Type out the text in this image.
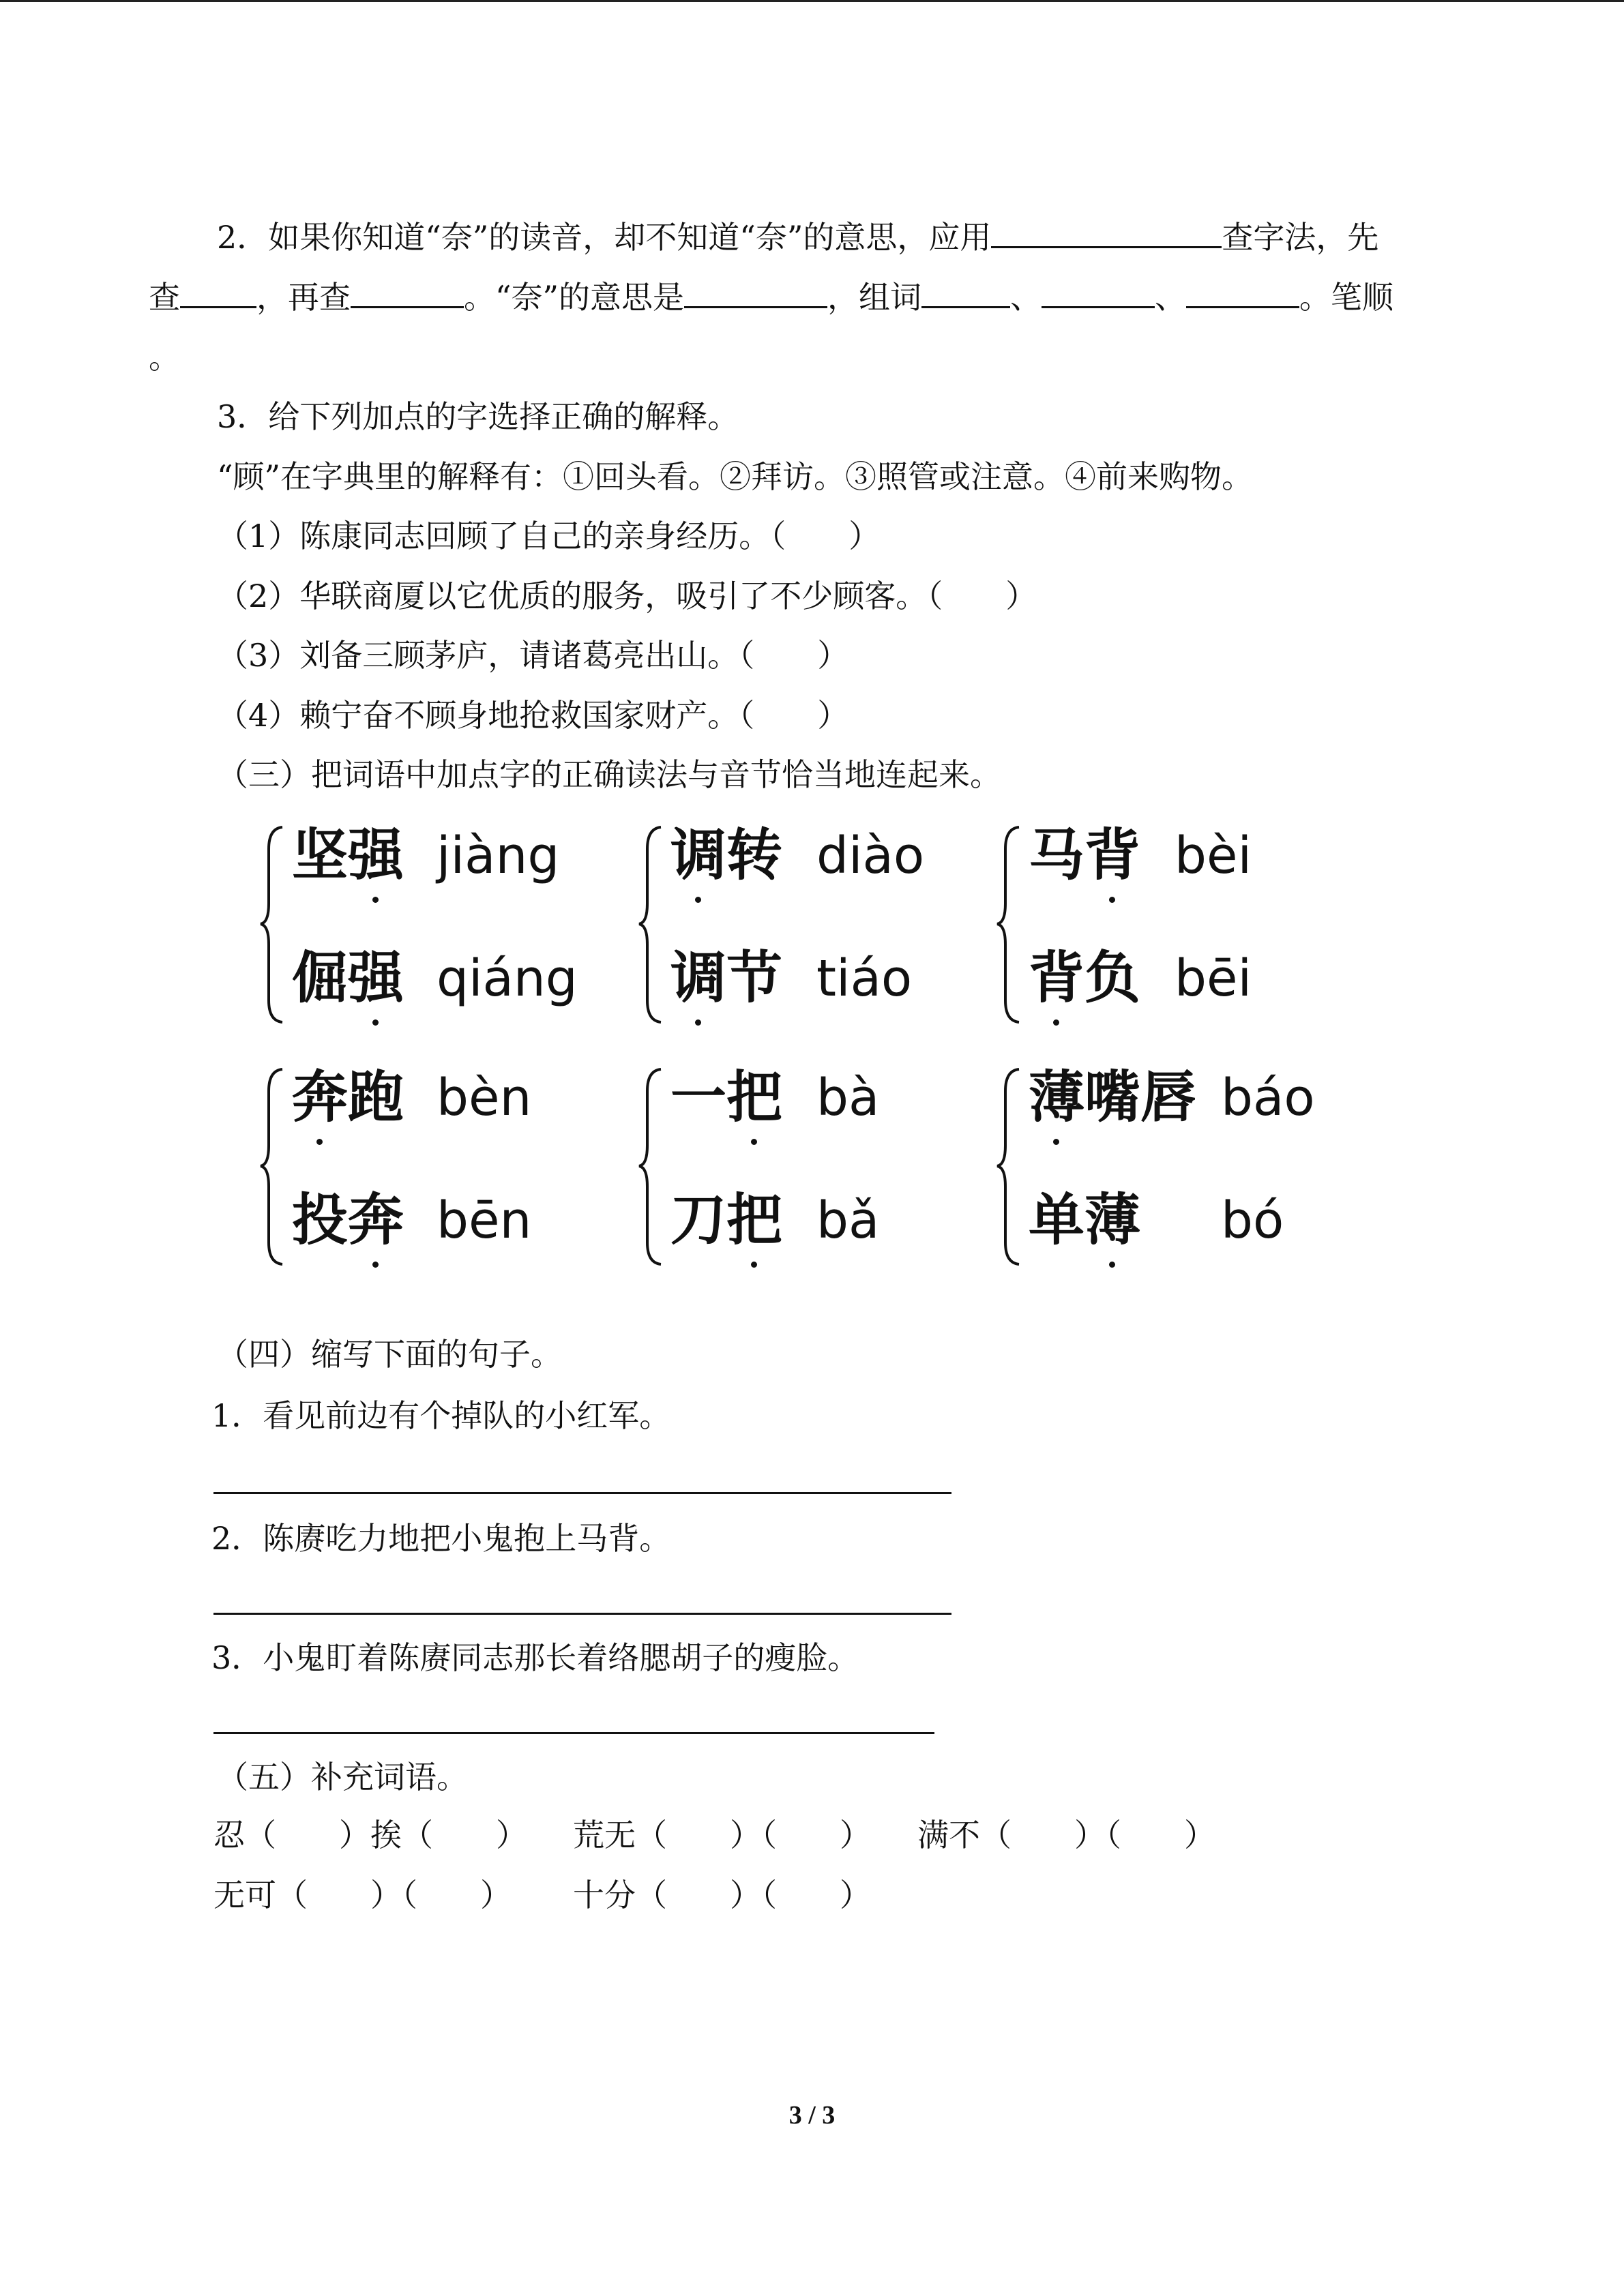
2．如果你知道“奈”的读音，却不知道“奈”的意思，应用	查字法，先
查 ，再查	。“奈”的意思是	，组词	、	、	。笔顺
。
3．给下列加点的字选择正确的解释。
“顾”在字典里的解释有：①回头看。②拜访。③照管或注意。④前来购物。
（1）陈康同志回顾了自己的亲身经历。（　　）
（2）华联商厦以它优质的服务，吸引了不少顾客。（　　）
（3）刘备三顾茅庐，请诸葛亮出山。（　　）
（4）赖宁奋不顾身地抢救国家财产。（　　）
（三）把词语中加点字的正确读法与音节恰当地连起来。
坚强 jiàng
倔强 qiáng
调转 diào
调节 tiáo
马背 bèi
背负 bēi
奔跑 bèn
投奔 bēn
一把 bà
刀把 bǎ
薄嘴唇 báo
单薄 bó
（四）缩写下面的句子。
1．看见前边有个掉队的小红军。
2．陈赓吃力地把小鬼抱上马背。
3．小鬼盯着陈赓同志那长着络腮胡子的瘦脸。
（五）补充词语。
忍（　　）挨（　　） 荒无（　　）（　　） 满不（　　）（　　）
无可（　　）（　　） 十分（　　）（　　）
3 / 3
